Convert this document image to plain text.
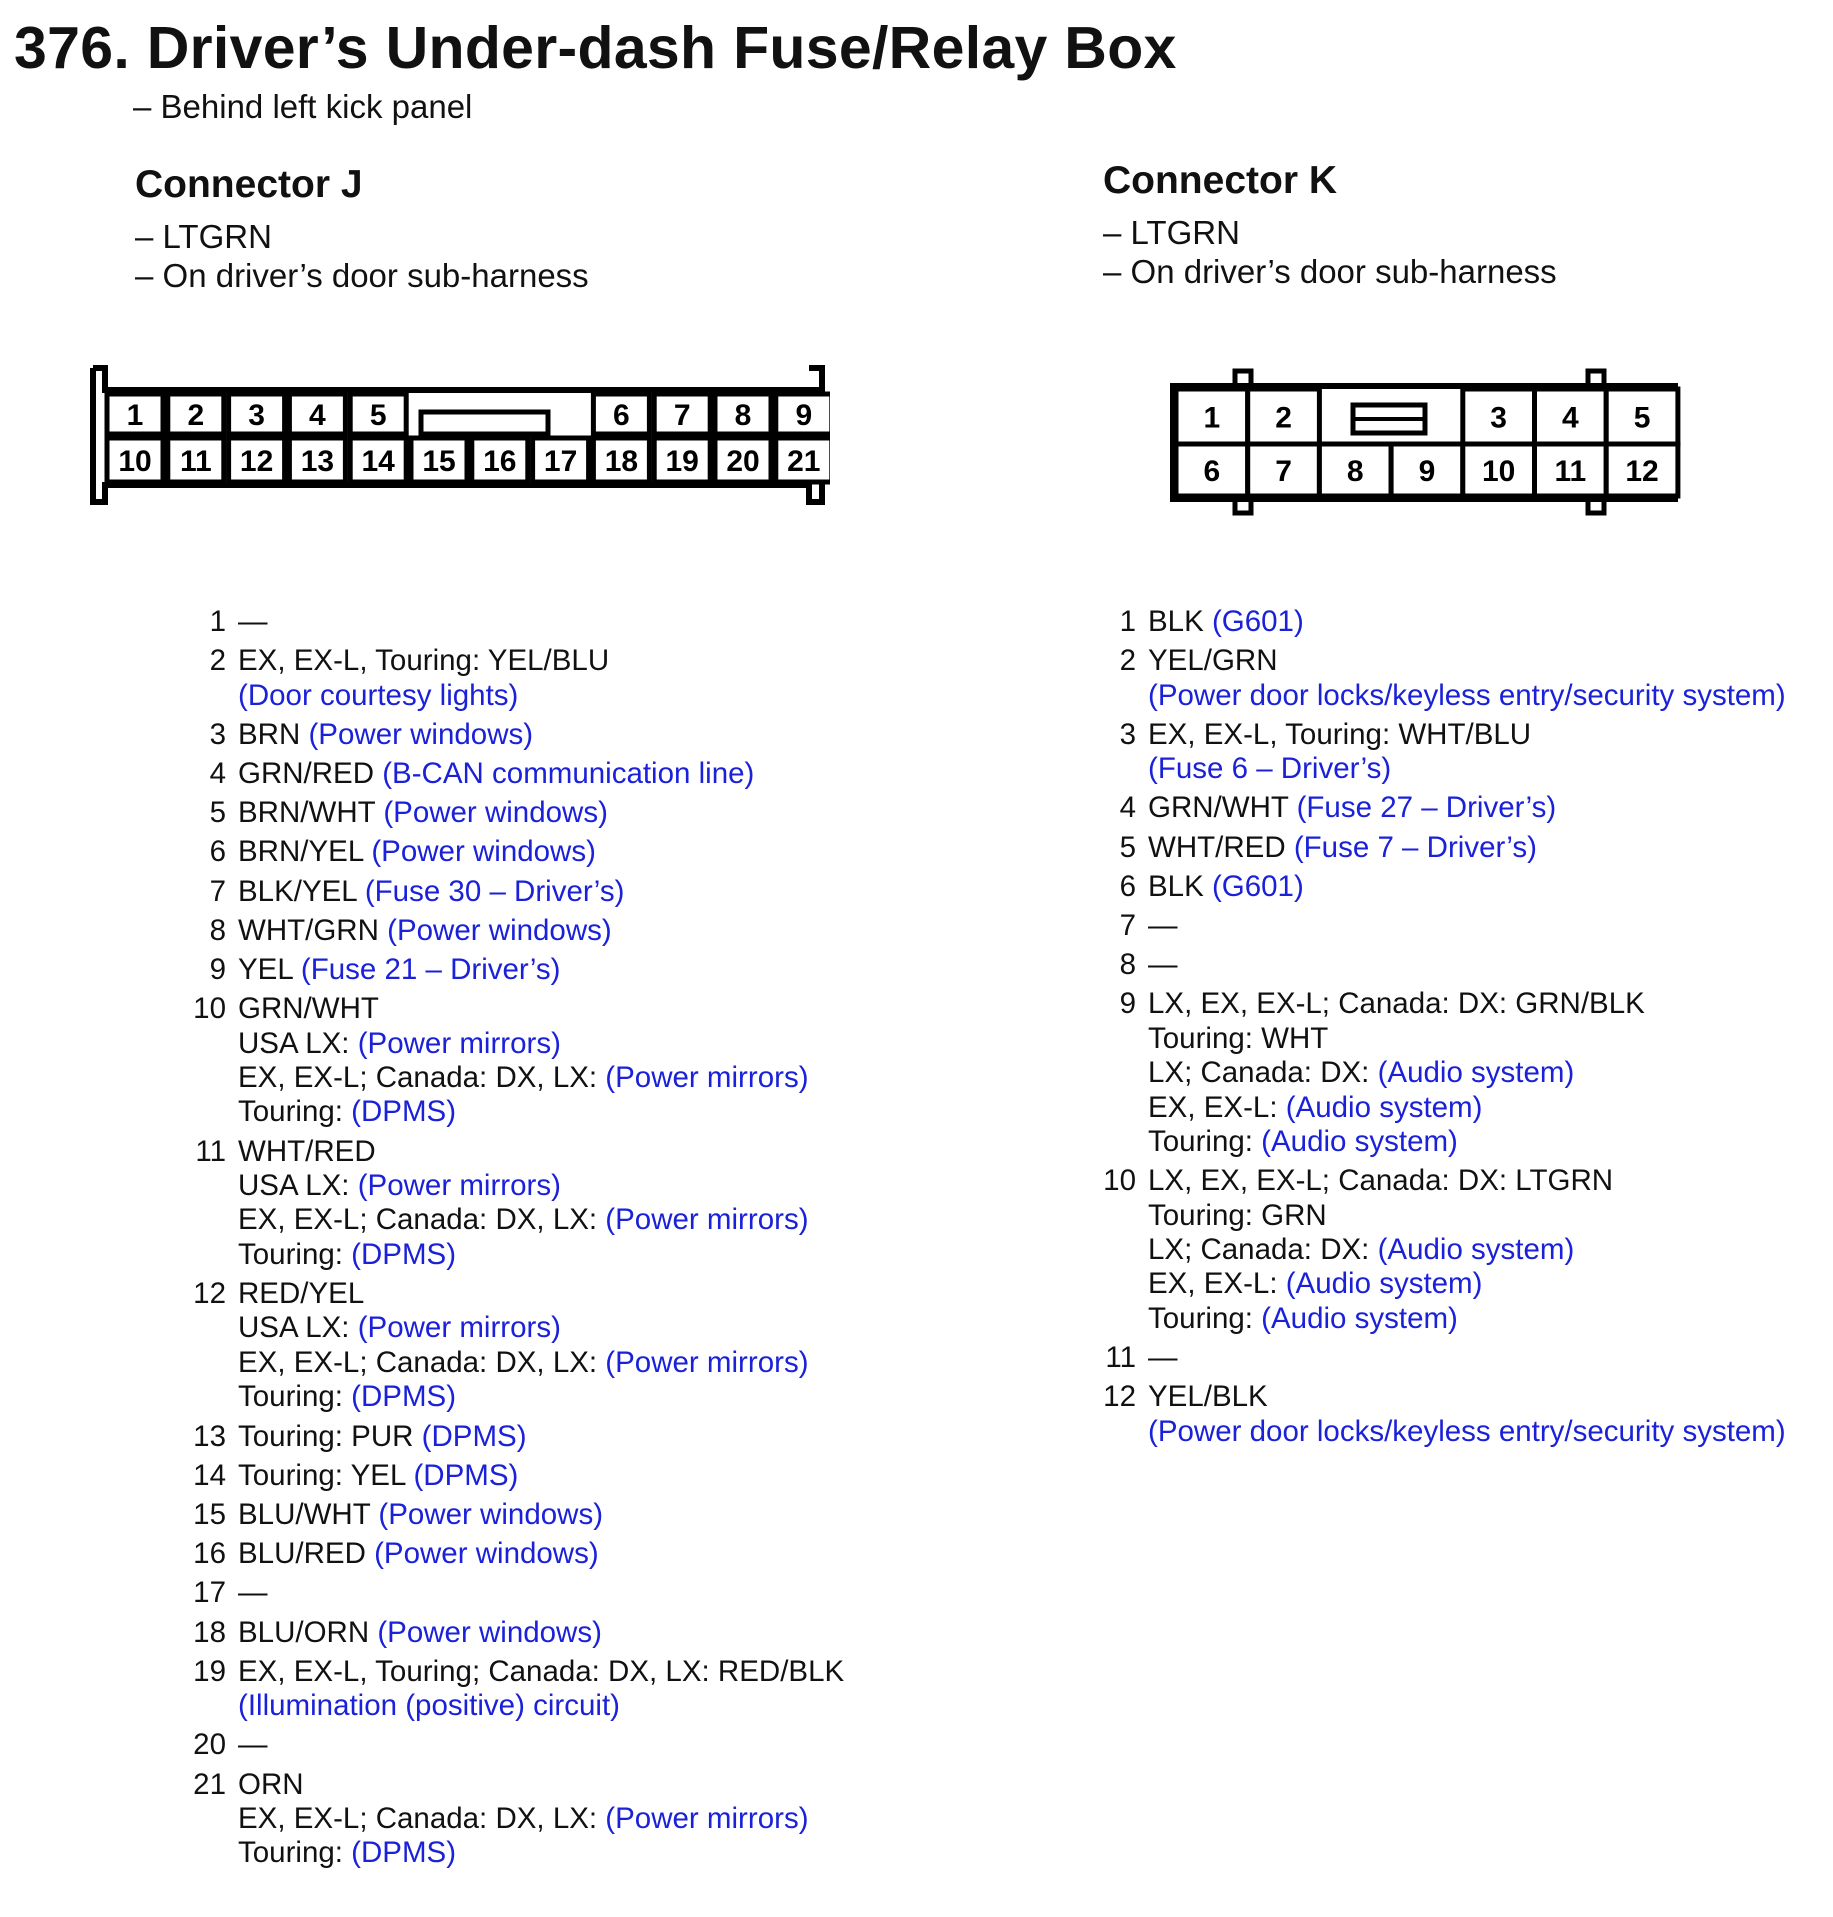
376. Driver’s Under-dash Fuse/Relay Box
– Behind left kick panel
Connector J
– LTGRN
– On driver’s door sub-harness
Connector K
– LTGRN
– On driver’s door sub-harness
1 2 3 4 5	6 7 8 9
10 11 12 13 14 15 16 17 18 19 20 21
1 2	3 4 5
6 7 8 9 10 11 12
1 —
2 EX, EX-L, Touring: YEL/BLU
(Door courtesy lights)
3 BRN (Power windows)
4 GRN/RED (B-CAN communication line)
5 BRN/WHT (Power windows)
6 BRN/YEL (Power windows)
7 BLK/YEL (Fuse 30 – Driver’s)
8 WHT/GRN (Power windows)
9 YEL (Fuse 21 – Driver’s)
10 GRN/WHT
USA LX: (Power mirrors)
EX, EX-L; Canada: DX, LX: (Power mirrors)
Touring: (DPMS)
11 WHT/RED
USA LX: (Power mirrors)
EX, EX-L; Canada: DX, LX: (Power mirrors)
Touring: (DPMS)
12 RED/YEL
USA LX: (Power mirrors)
EX, EX-L; Canada: DX, LX: (Power mirrors)
Touring: (DPMS)
13 Touring: PUR (DPMS)
14 Touring: YEL (DPMS)
15 BLU/WHT (Power windows)
16 BLU/RED (Power windows)
17 —
18 BLU/ORN (Power windows)
19 EX, EX-L, Touring; Canada: DX, LX: RED/BLK
(Illumination (positive) circuit)
20 —
21 ORN
EX, EX-L; Canada: DX, LX: (Power mirrors)
Touring: (DPMS)
1 BLK (G601)
2 YEL/GRN
(Power door locks/keyless entry/security system)
3 EX, EX-L, Touring: WHT/BLU
(Fuse 6 – Driver’s)
4 GRN/WHT (Fuse 27 – Driver’s)
5 WHT/RED (Fuse 7 – Driver’s)
6 BLK (G601)
7 —
8 —
9 LX, EX, EX-L; Canada: DX: GRN/BLK
Touring: WHT
LX; Canada: DX: (Audio system)
EX, EX-L: (Audio system)
Touring: (Audio system)
10 LX, EX, EX-L; Canada: DX: LTGRN
Touring: GRN
LX; Canada: DX: (Audio system)
EX, EX-L: (Audio system)
Touring: (Audio system)
11 —
12 YEL/BLK
(Power door locks/keyless entry/security system)
